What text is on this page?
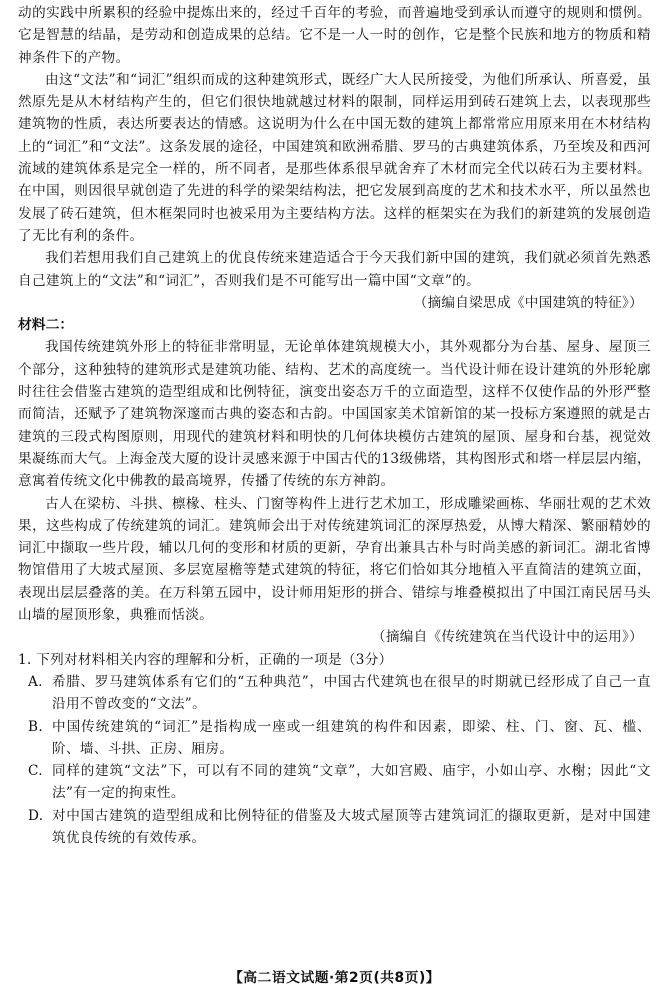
动的实践中所累积的经验中提炼出来的，经过千百年的考验，而普遍地受到承认而遵守的规则和惯例。它是智慧的结晶，是劳动和创造成果的总结。它不是一人一时的创作，它是整个民族和地方的物质和精神条件下的产物。

由这“文法”和“词汇”组织而成的这种建筑形式，既经广大人民所接受，为他们所承认、所喜爱，虽然原先是从木材结构产生的，但它们很快地就越过材料的限制，同样运用到砖石建筑上去，以表现那些建筑物的性质，表达所要表达的情感。这说明为什么在中国无数的建筑上都常常应用原来用在木材结构上的“词汇”和“文法”。这条发展的途径，中国建筑和欧洲希腊、罗马的古典建筑体系，乃至埃及和西河流域的建筑体系是完全一样的，所不同者，是那些体系很早就舍弃了木材而完全代以砖石为主要材料。在中国，则因很早就创造了先进的科学的梁架结构法，把它发展到高度的艺术和技术水平，所以虽然也发展了砖石建筑，但木框架同时也被采用为主要结构方法。这样的框架实在为我们的新建筑的发展创造了无比有利的条件。

我们若想用我们自己建筑上的优良传统来建造适合于今天我们新中国的建筑，我们就必须首先熟悉自己建筑上的“文法”和“词汇”，否则我们是不可能写出一篇中国“文章”的。

（摘编自梁思成《中国建筑的特征》）

材料二：

我国传统建筑外形上的特征非常明显，无论单体建筑规模大小，其外观都分为台基、屋身、屋顶三个部分，这种独特的建筑形式是建筑功能、结构、艺术的高度统一。当代设计师在设计建筑的外形轮廓时往往会借鉴古建筑的造型组成和比例特征，演变出姿态万千的立面造型，这样不仅使作品的外形严整而简洁，还赋予了建筑物深邃而古典的姿态和古韵。中国国家美术馆新馆的某一投标方案遵照的就是古建筑的三段式构图原则，用现代的建筑材料和明快的几何体块模仿古建筑的屋顶、屋身和台基，视觉效果凝练而大气。上海金茂大厦的设计灵感来源于中国古代的13级佛塔，其构图形式和塔一样层层内缩，意寓着传统文化中佛教的最高境界，传播了传统的东方神韵。

古人在梁枋、斗拱、檩椽、柱头、门窗等构件上进行艺术加工，形成雕梁画栋、华丽壮观的艺术效果，这些构成了传统建筑的词汇。建筑师会出于对传统建筑词汇的深厚热爱，从博大精深、繁丽精妙的词汇中撷取一些片段，辅以几何的变形和材质的更新，孕育出兼具古朴与时尚美感的新词汇。湖北省博物馆借用了大坡式屋顶、多层宽屋檐等楚式建筑的特征，将它们恰如其分地植入平直简洁的建筑立面，表现出层层叠落的美。在万科第五园中，设计师用矩形的拼合、错综与堆叠模拟出了中国江南民居马头山墙的屋顶形象，典雅而恬淡。

（摘编自《传统建筑在当代设计中的运用》）

1. 下列对材料相关内容的理解和分析，正确的一项是（3分）

A. 希腊、罗马建筑体系有它们的“五种典范”，中国古代建筑也在很早的时期就已经形成了自己一直沿用不曾改变的“文法”。
B. 中国传统建筑的“词汇”是指构成一座或一组建筑的构件和因素，即梁、柱、门、窗、瓦、槛、阶、墙、斗拱、正房、厢房。
C. 同样的建筑“文法”下，可以有不同的建筑“文章”，大如宫殿、庙宇，小如山亭、水榭；因此“文法”有一定的拘束性。
D. 对中国古建筑的造型组成和比例特征的借鉴及大坡式屋顶等古建筑词汇的撷取更新，是对中国建筑优良传统的有效传承。
【高二语文试题·第2页(共8页)】
